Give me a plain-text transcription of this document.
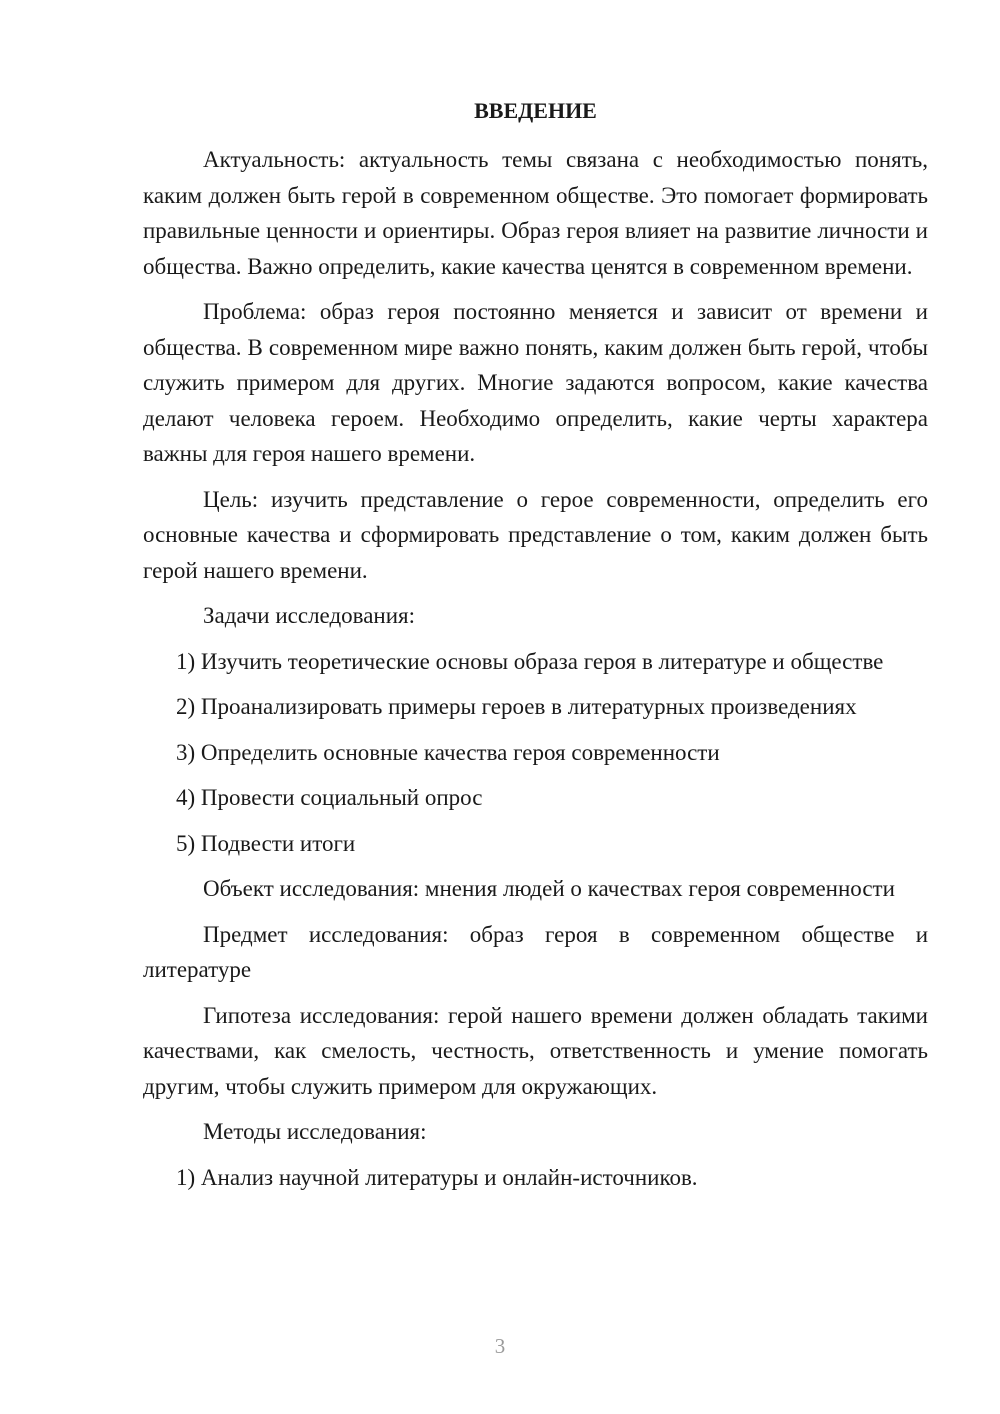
ВВЕДЕНИЕ

Актуальность: актуальность темы связана с необходимостью понять, каким должен быть герой в современном обществе. Это помогает формировать правильные ценности и ориентиры. Образ героя влияет на развитие личности и общества. Важно определить, какие качества ценятся в современном времени.

Проблема: образ героя постоянно меняется и зависит от времени и общества. В современном мире важно понять, каким должен быть герой, чтобы служить примером для других. Многие задаются вопросом, какие качества делают человека героем. Необходимо определить, какие черты характера важны для героя нашего времени.

Цель: изучить представление о герое современности, определить его основные качества и сформировать представление о том, каким должен быть герой нашего времени.

Задачи исследования:

1) Изучить теоретические основы образа героя в литературе и обществе

2) Проанализировать примеры героев в литературных произведениях

3) Определить основные качества героя современности

4) Провести социальный опрос

5) Подвести итоги

Объект исследования: мнения людей о качествах героя современности

Предмет исследования: образ героя в современном обществе и литературе

Гипотеза исследования: герой нашего времени должен обладать такими качествами, как смелость, честность, ответственность и умение помогать другим, чтобы служить примером для окружающих.

Методы исследования:

1) Анализ научной литературы и онлайн-источников.

3
